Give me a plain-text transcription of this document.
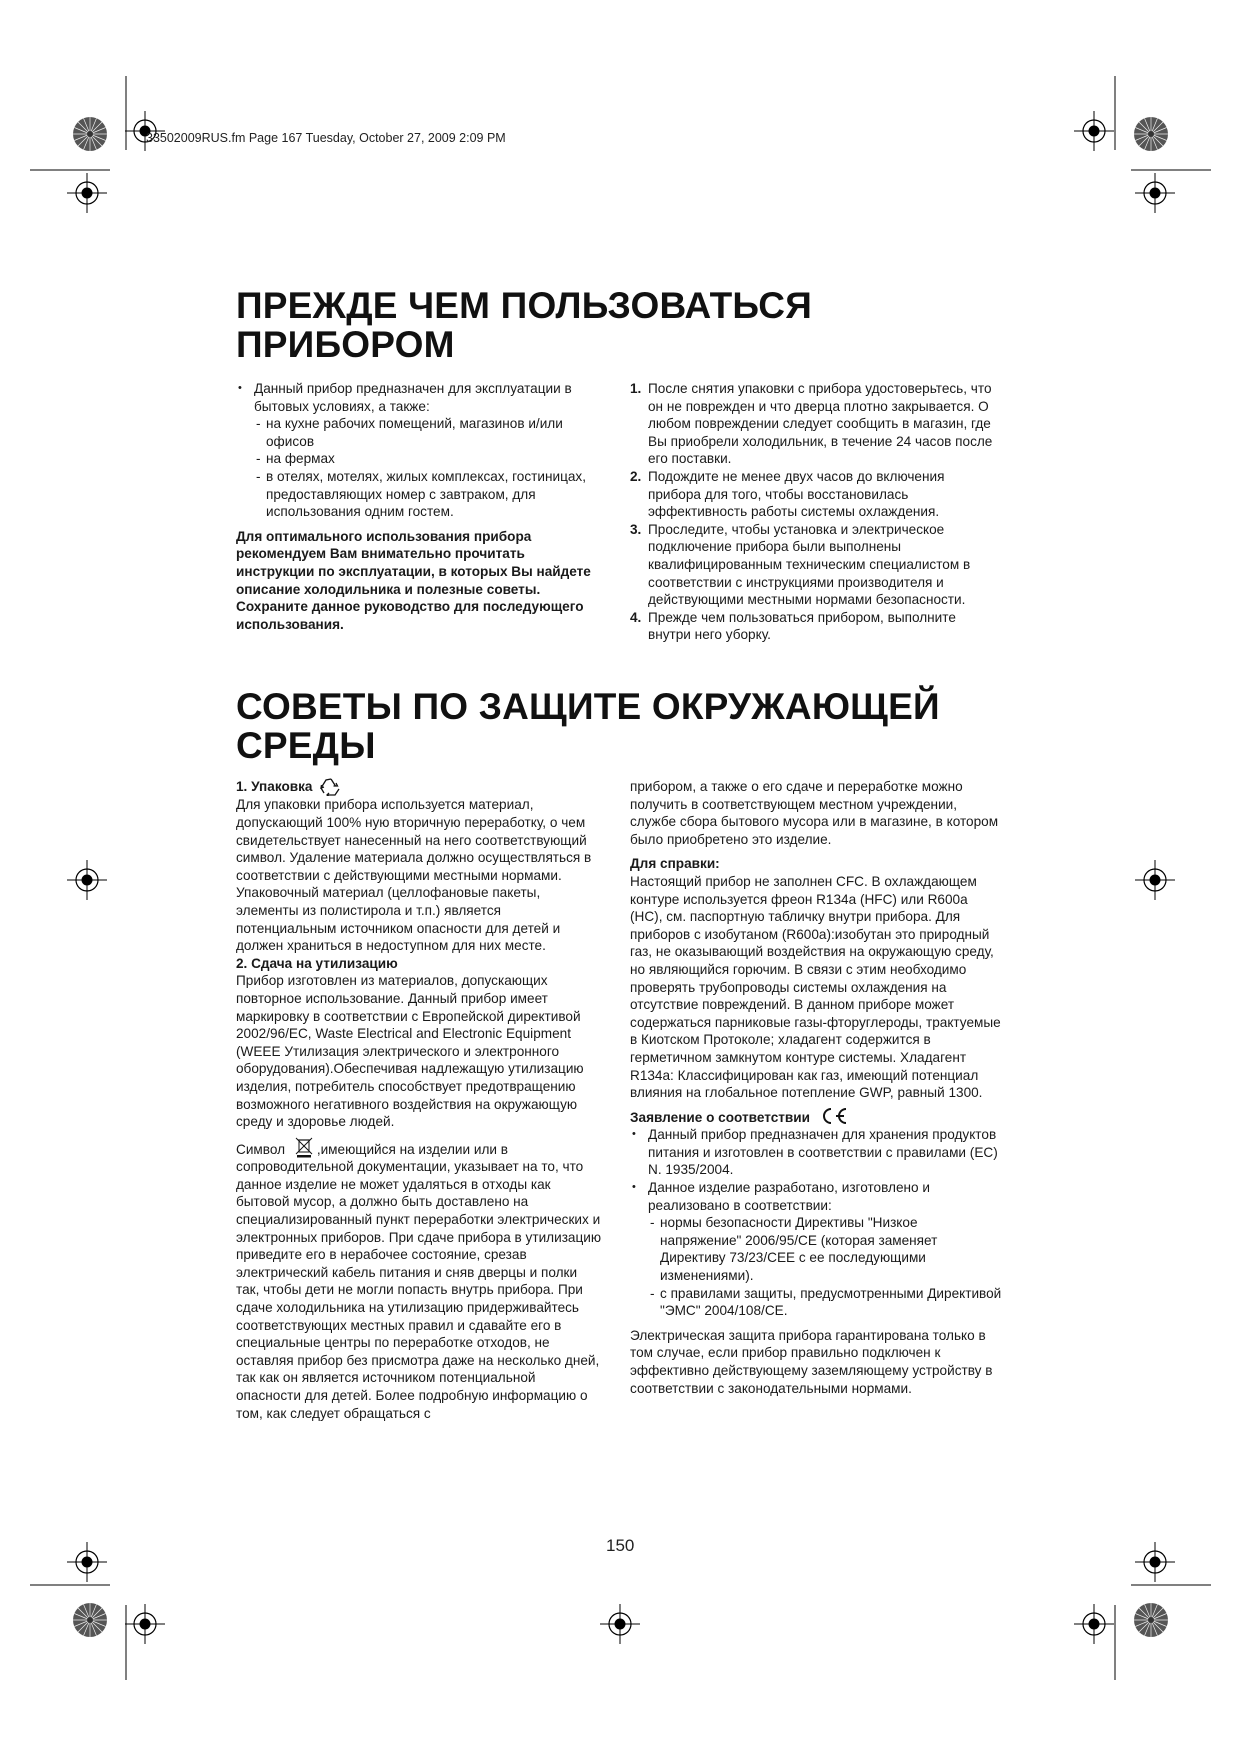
33502009RUS.fm Page 167 Tuesday, October 27, 2009 2:09 PM
ПРЕЖДЕ ЧЕМ ПОЛЬЗОВАТЬСЯ
ПРИБОРОМ
• Данный прибор предназначен для эксплуатации в бытовых условиях, а также:
- на кухне рабочих помещений, магазинов и/или офисов
- на фермах
- в отелях, мотелях, жилых комплексах, гостиницах, предоставляющих номер с завтраком, для использования одним гостем.

Для оптимального использования прибора рекомендуем Вам внимательно прочитать инструкции по эксплуатации, в которых Вы найдете описание холодильника и полезные советы. Сохраните данное руководство для последующего использования.

1. После снятия упаковки с прибора удостоверьтесь, что он не поврежден и что дверца плотно закрывается. О любом повреждении следует сообщить в магазин, где Вы приобрели холодильник, в течение 24 часов после его поставки.
2. Подождите не менее двух часов до включения прибора для того, чтобы восстановилась эффективность работы системы охлаждения.
3. Проследите, чтобы установка и электрическое подключение прибора были выполнены квалифицированным техническим специалистом в соответствии с инструкциями производителя и действующими местными нормами безопасности.
4. Прежде чем пользоваться прибором, выполните внутри него уборку.
СОВЕТЫ ПО ЗАЩИТЕ ОКРУЖАЮЩЕЙ
СРЕДЫ

1. Упаковка

Для упаковки прибора используется материал, допускающий 100% ную вторичную переработку, о чем свидетельствует нанесенный на него соответствующий символ. Удаление материала должно осуществляться в соответствии с действующими местными нормами. Упаковочный материал (целлофановые пакеты, элементы из полистирола и т.п.) является потенциальным источником опасности для детей и должен храниться в недоступном для них месте.

2. Сдача на утилизацию

Прибор изготовлен из материалов, допускающих повторное использование. Данный прибор имеет маркировку в соответствии с Европейской директивой 2002/96/EC, Waste Electrical and Electronic Equipment (WEEE Утилизация электрического и электронного оборудования).Обеспечивая надлежащую утилизацию изделия, потребитель способствует предотвращению возможного негативного воздействия на окружающую среду и здоровье людей.

Символ ,имеющийся на изделии или в сопроводительной документации, указывает на то, что данное изделие не может удаляться в отходы как бытовой мусор, а должно быть доставлено на специализированный пункт переработки электрических и электронных приборов. При сдаче прибора в утилизацию приведите его в нерабочее состояние, срезав электрический кабель питания и сняв дверцы и полки так, чтобы дети не могли попасть внутрь прибора. При сдаче холодильника на утилизацию придерживайтесь соответствующих местных правил и сдавайте его в специальные центры по переработке отходов, не оставляя прибор без присмотра даже на несколько дней, так как он является источником потенциальной опасности для детей. Более подробную информацию о том, как следует обращаться с

прибором, а также о его сдаче и переработке можно получить в соответствующем местном учреждении, службе сбора бытового мусора или в магазине, в котором было приобретено это изделие.

Для справки:

Настоящий прибор не заполнен CFC. В охлаждающем контуре используется фреон R134a (HFC) или R600a (HC), см. паспортную табличку внутри прибора. Для приборов с изобутаном (R600a):изобутан это природный газ, не оказывающий воздействия на окружающую среду, но являющийся горючим. В связи с этим необходимо проверять трубопроводы системы охлаждения на отсутствие повреждений. В данном приборе может содержаться парниковые газы-фторуглероды, трактуемые в Киотском Протоколе; хладагент содержится в герметичном замкнутом контуре системы. Хладагент R134a: Классифицирован как газ, имеющий потенциал влияния на глобальное потепление GWP, равный 1300.

Заявление о соответствии

• Данный прибор предназначен для хранения продуктов питания и изготовлен в соответствии с правилами (EC) N. 1935/2004.
• Данное изделие разработано, изготовлено и реализовано в соответствии:
- нормы безопасности Директивы "Низкое напряжение" 2006/95/CE (которая заменяет Директиву 73/23/CEE с ее последующими изменениями).
- с правилами защиты, предусмотренными Директивой "ЭМС" 2004/108/CE.

Электрическая защита прибора гарантирована только в том случае, если прибор правильно подключен к эффективно действующему заземляющему устройству в соответствии с законодательными нормами.

150
